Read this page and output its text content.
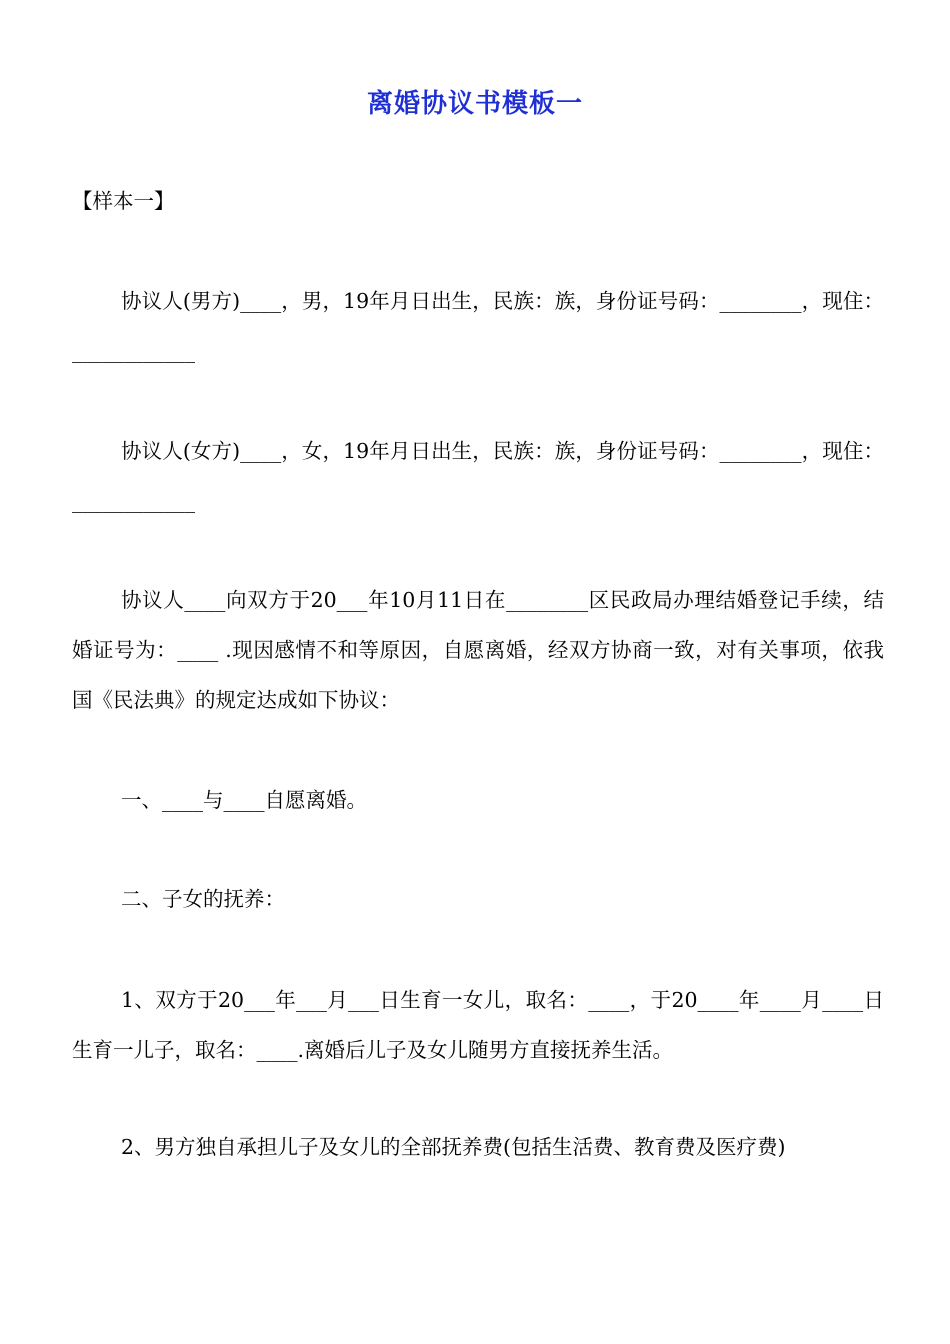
离婚协议书模板一

【样本一】

协议人(男方)____，男，19年月日出生，民族：族，身份证号码：________，现住：____________

协议人(女方)____，女，19年月日出生，民族：族，身份证号码：________，现住：____________

协议人____向双方于20___年10月11日在________区民政局办理结婚登记手续，结婚证号为：____ .现因感情不和等原因，自愿离婚，经双方协商一致，对有关事项，依我国《民法典》的规定达成如下协议：

一、____与____自愿离婚。

二、子女的抚养：

1、双方于20___年___月___日生育一女儿，取名：____，于20____年____月____日生育一儿子，取名：____.离婚后儿子及女儿随男方直接抚养生活。

2、男方独自承担儿子及女儿的全部抚养费(包括生活费、教育费及医疗费)
